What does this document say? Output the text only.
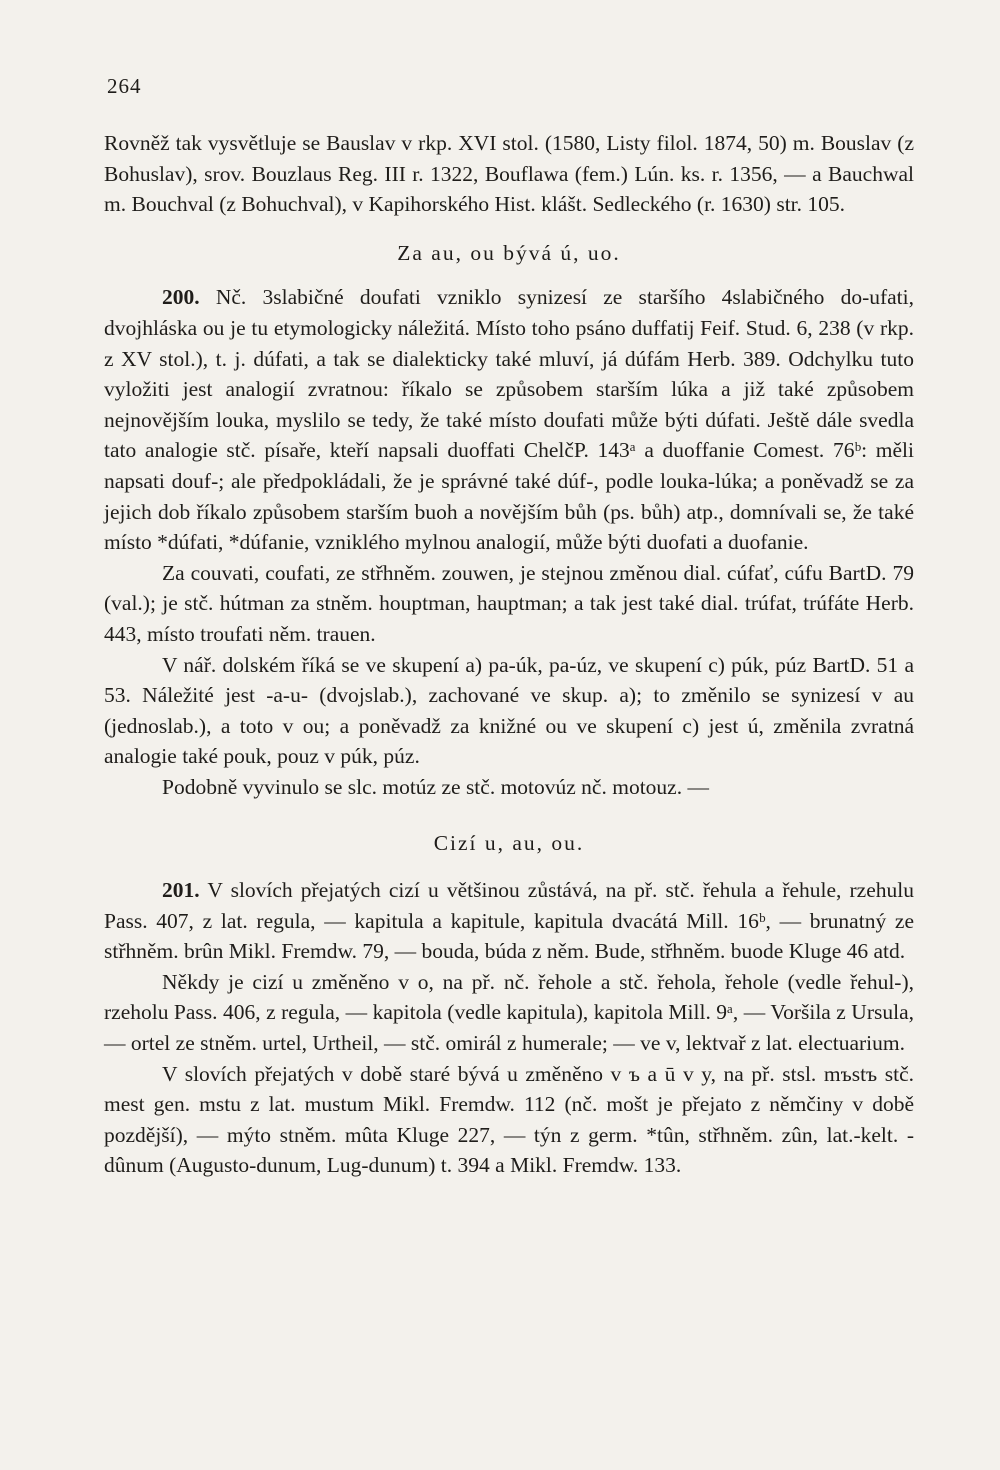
264

Rovněž tak vysvětluje se Bauslav v rkp. XVI stol. (1580, Listy filol. 1874, 50) m. Bouslav (z Bohuslav), srov. Bouzlaus Reg. III r. 1322, Bouflawa (fem.) Lún. ks. r. 1356, — a Bauchwal m. Bouchval (z Bohuchval), v Kapihorského Hist. klášt. Sedleckého (r. 1630) str. 105.

Za au, ou bývá ú, uo.

200. Nč. 3slabičné doufati vzniklo synizesí ze staršího 4slabičného do-ufati, dvojhláska ou je tu etymologicky náležitá. Místo toho psáno duffatij Feif. Stud. 6, 238 (v rkp. z XV stol.), t. j. dúfati, a tak se dialekticky také mluví, já dúfám Herb. 389. Odchylku tuto vyložiti jest analogií zvratnou: říkalo se způsobem starším lúka a již také způsobem nejnovějším louka, myslilo se tedy, že také místo doufati může býti dúfati. Ještě dále svedla tato analogie stč. písaře, kteří napsali duoffati ChelčP. 143ᵃ a duoffanie Comest. 76ᵇ: měli napsati douf-; ale předpokládali, že je správné také dúf-, podle louka-lúka; a poněvadž se za jejich dob říkalo způsobem starším buoh a novějším bůh (ps. bůh) atp., domnívali se, že také místo *dúfati, *dúfanie, vzniklého mylnou analogií, může býti duofati a duofanie.

Za couvati, coufati, ze střhněm. zouwen, je stejnou změnou dial. cúfať, cúfu BartD. 79 (val.); je stč. hútman za stněm. houptman, hauptman; a tak jest také dial. trúfat, trúfáte Herb. 443, místo troufati něm. trauen.

V nář. dolském říká se ve skupení a) pa-úk, pa-úz, ve skupení c) púk, púz BartD. 51 a 53. Náležité jest -a-u- (dvojslab.), zachované ve skup. a); to změnilo se synizesí v au (jednoslab.), a toto v ou; a poněvadž za knižné ou ve skupení c) jest ú, změnila zvratná analogie také pouk, pouz v púk, púz.

Podobně vyvinulo se slc. motúz ze stč. motovúz nč. motouz. —

Cizí u, au, ou.

201. V slovích přejatých cizí u většinou zůstává, na př. stč. řehula a řehule, rzehulu Pass. 407, z lat. regula, — kapitula a kapitule, kapitula dvacátá Mill. 16ᵇ, — brunatný ze střhněm. brûn Mikl. Fremdw. 79, — bouda, búda z něm. Bude, střhněm. buode Kluge 46 atd.

Někdy je cizí u změněno v o, na př. nč. řehole a stč. řehola, řehole (vedle řehul-), rzeholu Pass. 406, z regula, — kapitola (vedle kapitula), kapitola Mill. 9ᵃ, — Voršila z Ursula, — ortel ze stněm. urtel, Urtheil, — stč. omirál z humerale; — ve v, lektvař z lat. electuarium.

V slovích přejatých v době staré bývá u změněno v ъ a ū v y, na př. stsl. mъstъ stč. mest gen. mstu z lat. mustum Mikl. Fremdw. 112 (nč. mošt je přejato z němčiny v době pozdější), — mýto stněm. mûta Kluge 227, — týn z germ. *tûn, střhněm. zûn, lat.-kelt. -dûnum (Augusto-dunum, Lug-dunum) t. 394 a Mikl. Fremdw. 133.
